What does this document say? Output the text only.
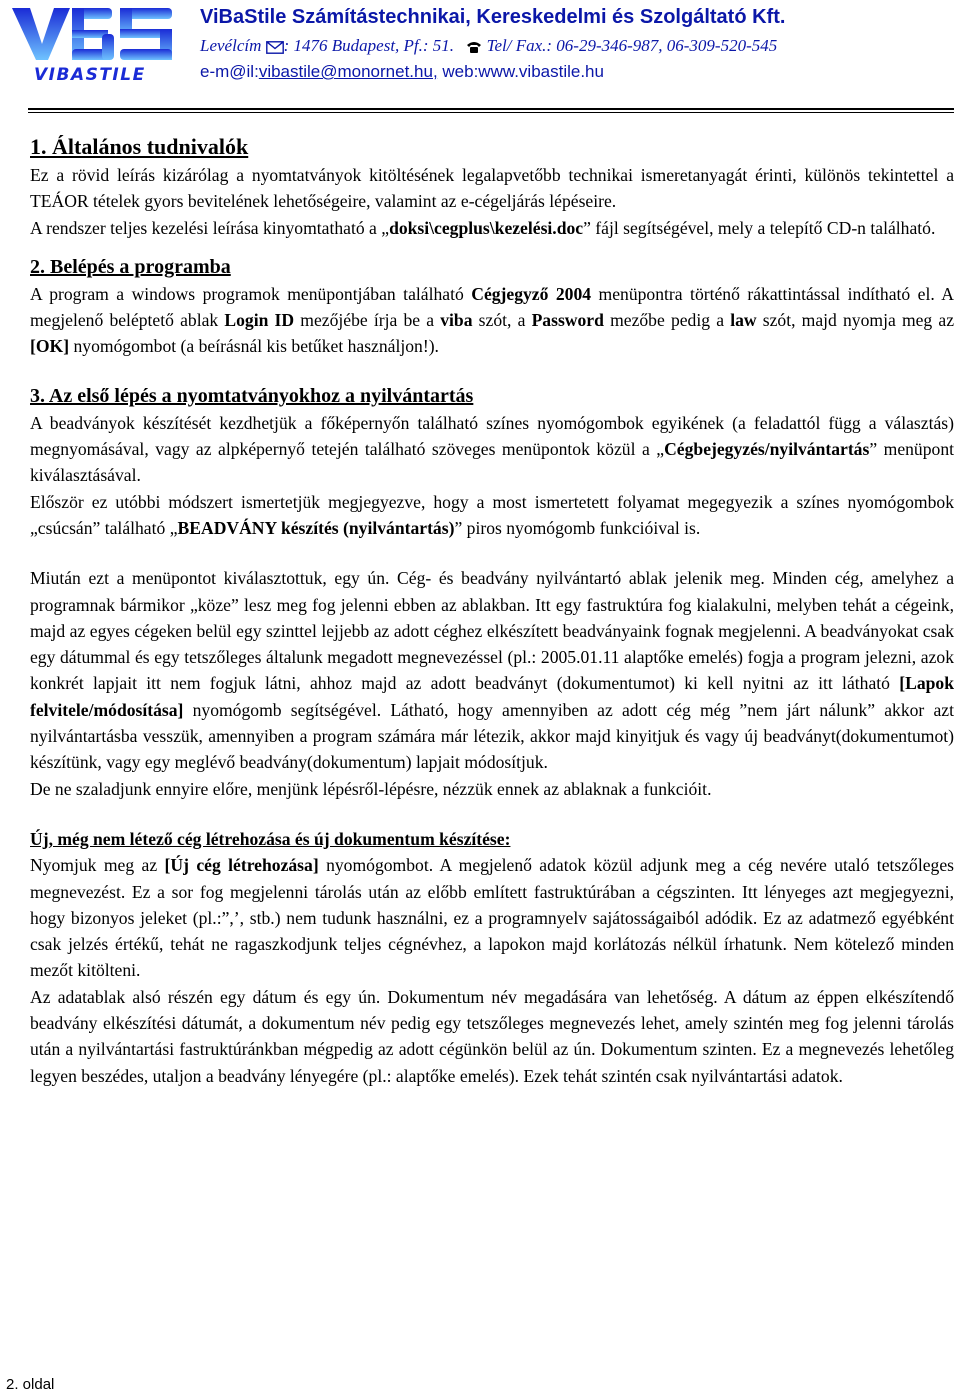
VIBASTILE
ViBaStile Számítástechnikai, Kereskedelmi és Szolgáltató Kft.
Levélcím : 1476 Budapest, Pf.: 51. Tel/ Fax.: 06-29-346-987, 06-309-520-545
e-m@il:vibastile@monornet.hu, web:www.vibastile.hu
1. Általános tudnivalók

Ez a rövid leírás kizárólag a nyomtatványok kitöltésének legalapvetőbb technikai ismeretanyagát érinti, különös tekintettel a TEÁOR tételek gyors bevitelének lehetőségeire, valamint az e-cégeljárás lépéseire.

A rendszer teljes kezelési leírása kinyomtatható a „doksi\cegplus\kezelési.doc” fájl segítségével, mely a telepítő CD-n található.

2. Belépés a programba

A program a windows programok menüpontjában található Cégjegyző 2004 menüpontra történő rákattintással indítható el. A megjelenő beléptető ablak Login ID mezőjébe írja be a viba szót, a Password mezőbe pedig a law szót, majd nyomja meg az [OK] nyomógombot (a beírásnál kis betűket használjon!).

3. Az első lépés a nyomtatványokhoz a nyilvántartás

A beadványok készítését kezdhetjük a főképernyőn található színes nyomógombok egyikének (a feladattól függ a választás) megnyomásával, vagy az alpképernyő tetején található szöveges menüpontok közül a „Cégbejegyzés/nyilvántartás” menüpont kiválasztásával.

Először ez utóbbi módszert ismertetjük megjegyezve, hogy a most ismertetett folyamat megegyezik a színes nyomógombok „csúcsán” található „BEADVÁNY készítés (nyilvántartás)” piros nyomógomb funkcióival is.

Miután ezt a menüpontot kiválasztottuk, egy ún. Cég- és beadvány nyilvántartó ablak jelenik meg. Minden cég, amelyhez a programnak bármikor „köze” lesz meg fog jelenni ebben az ablakban. Itt egy fastruktúra fog kialakulni, melyben tehát a cégeink, majd az egyes cégeken belül egy szinttel lejjebb az adott céghez elkészített beadványaink fognak megjelenni. A beadványokat csak egy dátummal és egy tetszőleges általunk megadott megnevezéssel (pl.: 2005.01.11 alaptőke emelés) fogja a program jelezni, azok konkrét lapjait itt nem fogjuk látni, ahhoz majd az adott beadványt (dokumentumot) ki kell nyitni az itt látható [Lapok felvitele/módosítása] nyomógomb segítségével. Látható, hogy amennyiben az adott cég még ”nem járt nálunk” akkor azt nyilvántartásba vesszük, amennyiben a program számára már létezik, akkor majd kinyitjuk és vagy új beadványt(dokumentumot) készítünk, vagy egy meglévő beadvány(dokumentum) lapjait módosítjuk.

De ne szaladjunk ennyire előre, menjünk lépésről-lépésre, nézzük ennek az ablaknak a funkcióit.

Új, még nem létező cég létrehozása és új dokumentum készítése:

Nyomjuk meg az [Új cég létrehozása] nyomógombot. A megjelenő adatok közül adjunk meg a cég nevére utaló tetszőleges megnevezést. Ez a sor fog megjelenni tárolás után az előbb említett fastruktúrában a cégszinten. Itt lényeges azt megjegyezni, hogy bizonyos jeleket (pl.:”,’, stb.) nem tudunk használni, ez a programnyelv sajátosságaiból adódik. Ez az adatmező egyébként csak jelzés értékű, tehát ne ragaszkodjunk teljes cégnévhez, a lapokon majd korlátozás nélkül írhatunk. Nem kötelező minden mezőt kitölteni.

Az adatablak alsó részén egy dátum és egy ún. Dokumentum név megadására van lehetőség. A dátum az éppen elkészítendő beadvány elkészítési dátumát, a dokumentum név pedig egy tetszőleges megnevezés lehet, amely szintén meg fog jelenni tárolás után a nyilvántartási fastruktúránkban mégpedig az adott cégünkön belül az ún. Dokumentum szinten. Ez a megnevezés lehetőleg legyen beszédes, utaljon a beadvány lényegére (pl.: alaptőke emelés). Ezek tehát szintén csak nyilvántartási adatok.

2. oldal
